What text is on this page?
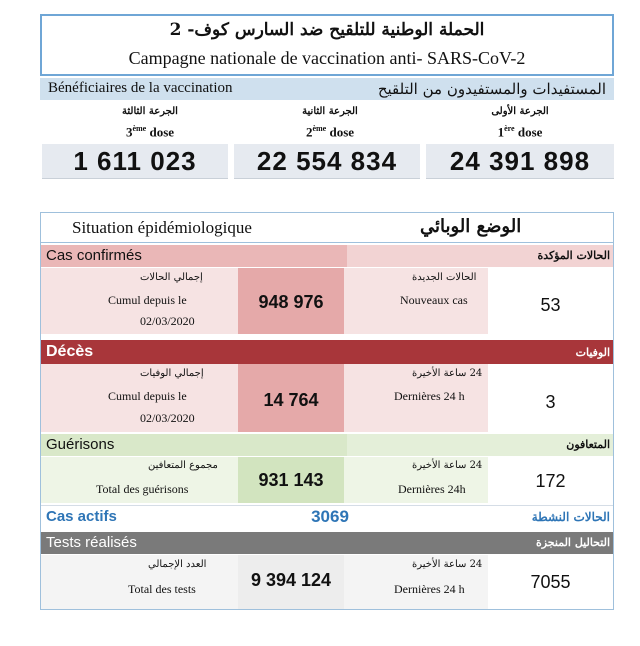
الحملة الوطنية للتلقيح ضد السارس كوف- 2
Campagne nationale de vaccination anti- SARS-CoV-2
Bénéficiaires de la vaccination	المستفيدات والمستفيدون من التلقيح
الجرعة الثالثة
3ème dose
1 611 023
الجرعة الثانية
2ème dose
22 554 834
الجرعة الأولى
1ère dose
24 391 898
Situation épidémiologique	الوضع الوبائي
Cas confirmés	الحالات المؤكدة
إجمالي الحالات
Cumul depuis le
02/03/2020
948 976
الحالات الجديدة
Nouveaux cas	53
Décès	الوفيات
إجمالي الوفيات
Cumul depuis le
02/03/2020
14 764
24 ساعة الأخيرة
Dernières 24 h	3
Guérisons	المتعافون
مجموع المتعافين
Total des guérisons	931 143
24 ساعة الأخيرة
Dernières 24h	172
Cas actifs	3069	الحالات النشطة
Tests réalisés	التحاليل المنجزة
العدد الإجمالي
Total des tests	9 394 124
24 ساعة الأخيرة
Dernières 24 h	7055
